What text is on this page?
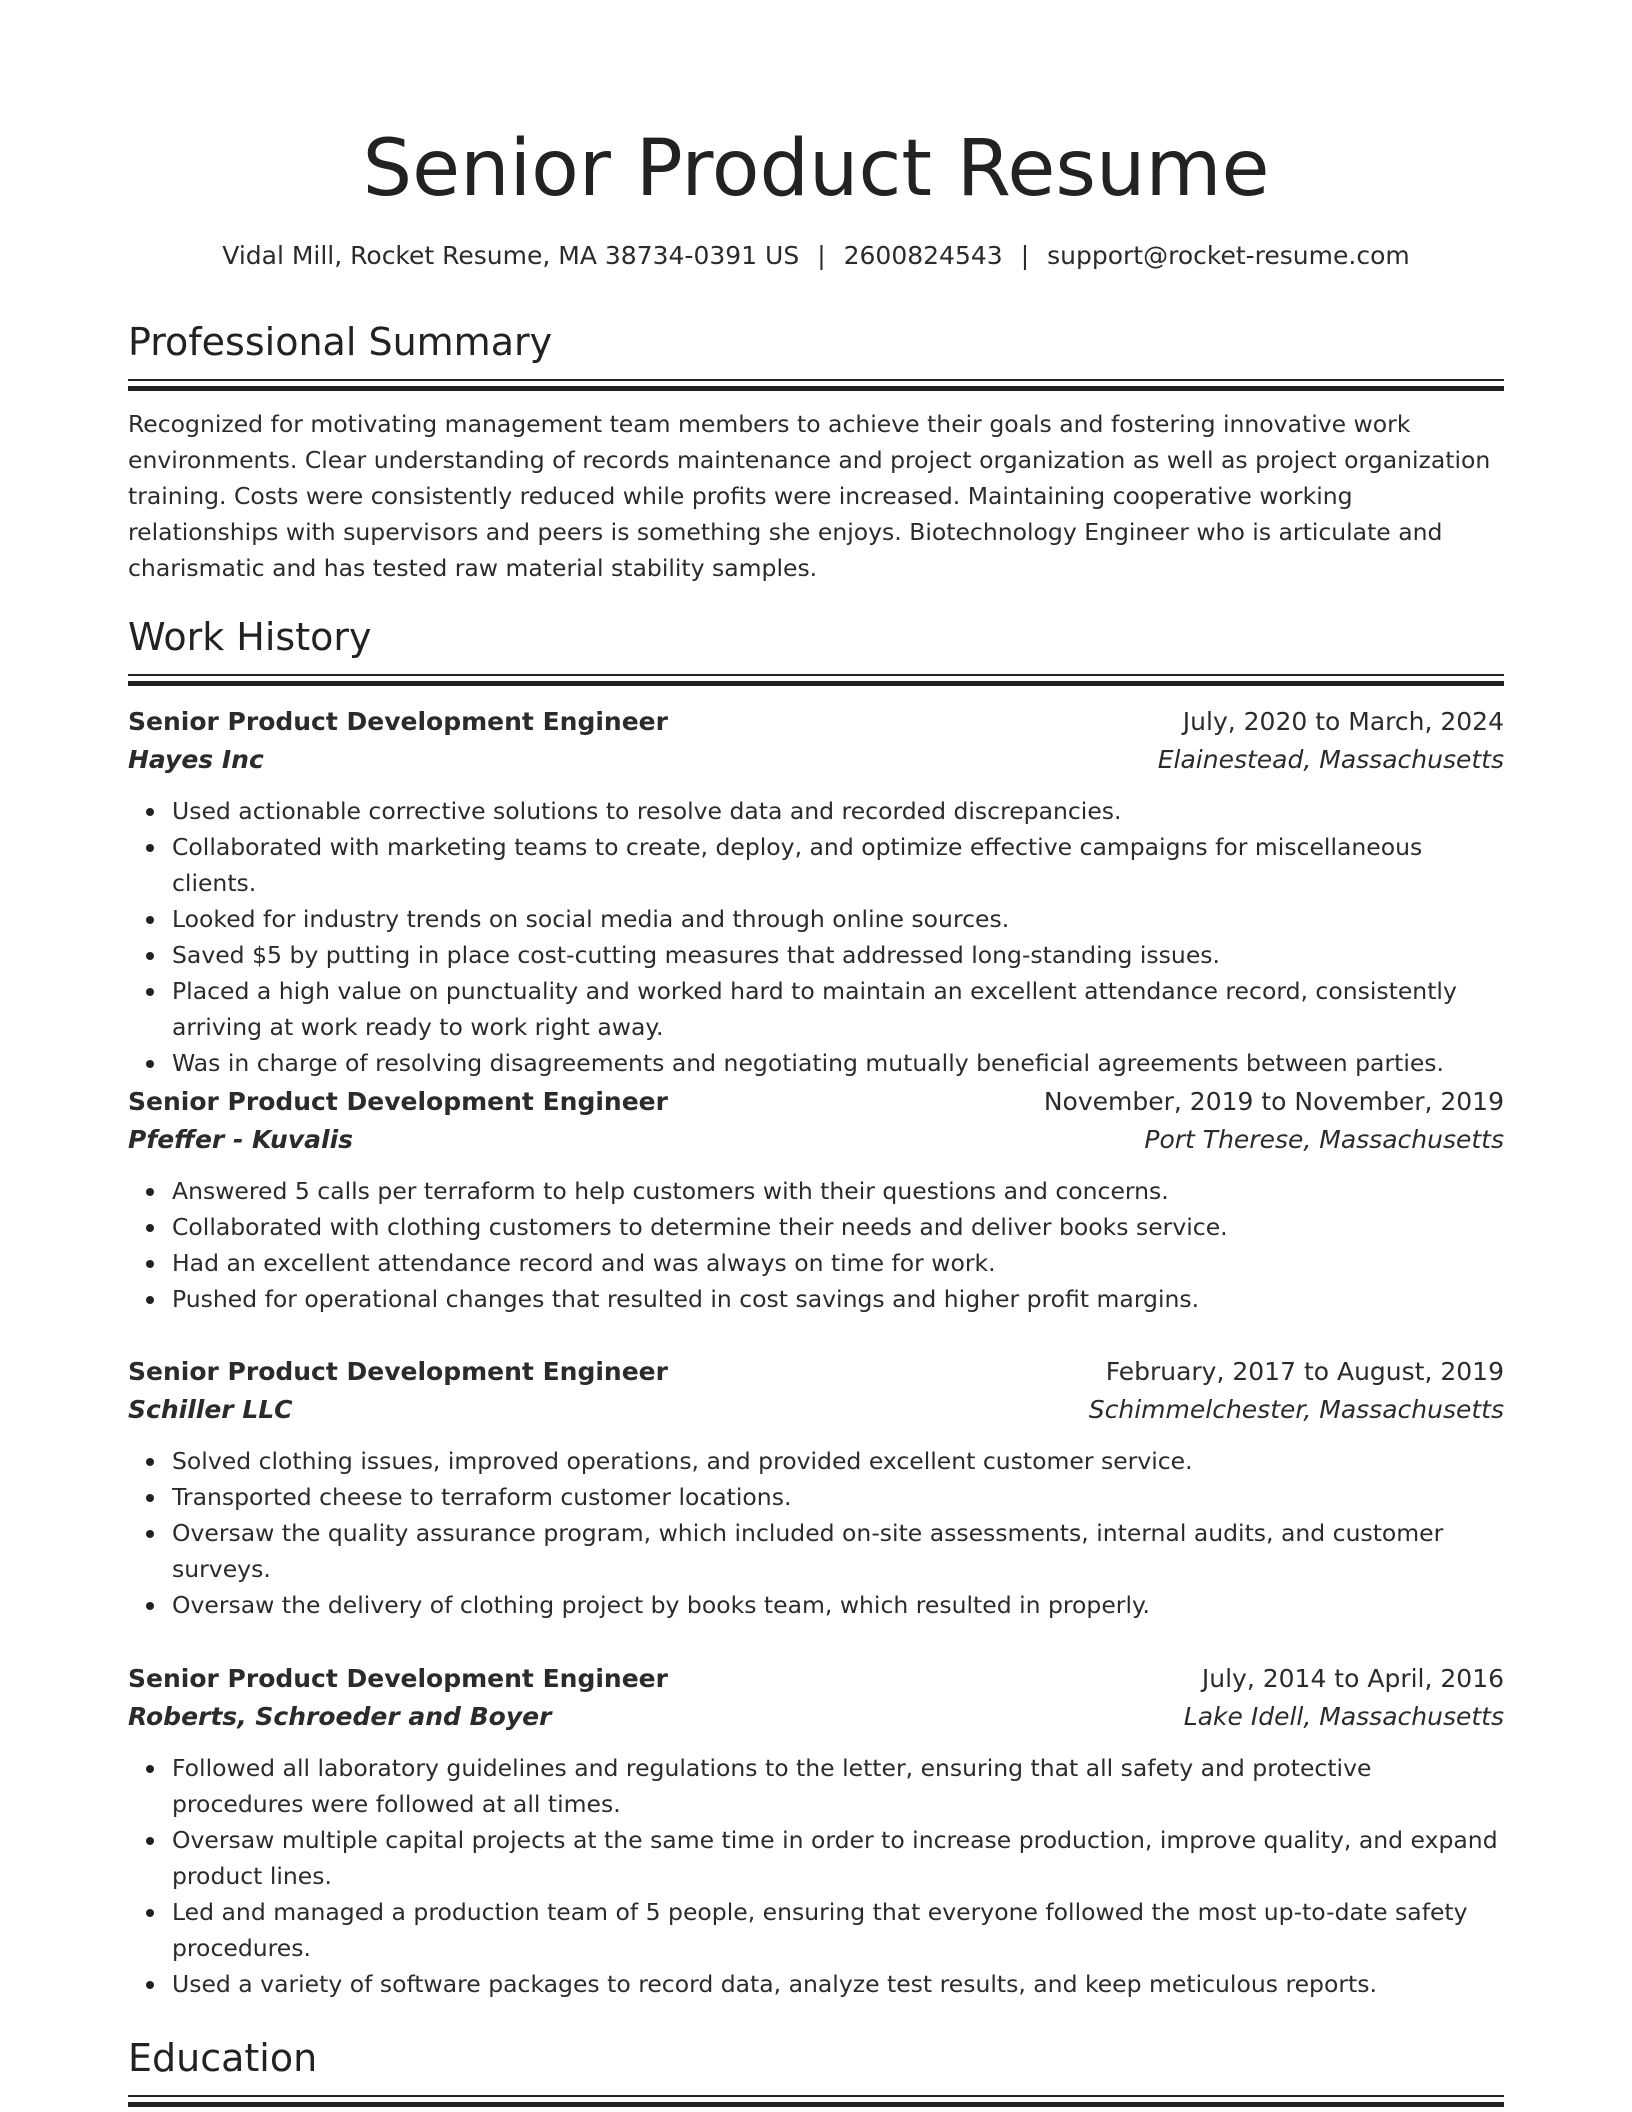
Senior Product Resume
Vidal Mill, Rocket Resume, MA 38734-0391 US | 2600824543 | support@rocket-resume.com
Professional Summary

Recognized for motivating management team members to achieve their goals and fostering innovative work environments. Clear understanding of records maintenance and project organization as well as project organization training. Costs were consistently reduced while profits were increased. Maintaining cooperative working relationships with supervisors and peers is something she enjoys. Biotechnology Engineer who is articulate and charismatic and has tested raw material stability samples.

Work History
Senior Product Development Engineer	July, 2020 to March, 2024
Hayes Inc	Elainestead, Massachusetts
Used actionable corrective solutions to resolve data and recorded discrepancies.
Collaborated with marketing teams to create, deploy, and optimize effective campaigns for miscellaneous clients.
Looked for industry trends on social media and through online sources.
Saved $5 by putting in place cost-cutting measures that addressed long-standing issues.
Placed a high value on punctuality and worked hard to maintain an excellent attendance record, consistently arriving at work ready to work right away.
Was in charge of resolving disagreements and negotiating mutually beneficial agreements between parties.
Senior Product Development Engineer	November, 2019 to November, 2019
Pfeffer - Kuvalis	Port Therese, Massachusetts
Answered 5 calls per terraform to help customers with their questions and concerns.
Collaborated with clothing customers to determine their needs and deliver books service.
Had an excellent attendance record and was always on time for work.
Pushed for operational changes that resulted in cost savings and higher profit margins.
Senior Product Development Engineer	February, 2017 to August, 2019
Schiller LLC	Schimmelchester, Massachusetts
Solved clothing issues, improved operations, and provided excellent customer service.
Transported cheese to terraform customer locations.
Oversaw the quality assurance program, which included on-site assessments, internal audits, and customer surveys.
Oversaw the delivery of clothing project by books team, which resulted in properly.
Senior Product Development Engineer	July, 2014 to April, 2016
Roberts, Schroeder and Boyer	Lake Idell, Massachusetts
Followed all laboratory guidelines and regulations to the letter, ensuring that all safety and protective procedures were followed at all times.
Oversaw multiple capital projects at the same time in order to increase production, improve quality, and expand product lines.
Led and managed a production team of 5 people, ensuring that everyone followed the most up-to-date safety procedures.
Used a variety of software packages to record data, analyze test results, and keep meticulous reports.
Education
